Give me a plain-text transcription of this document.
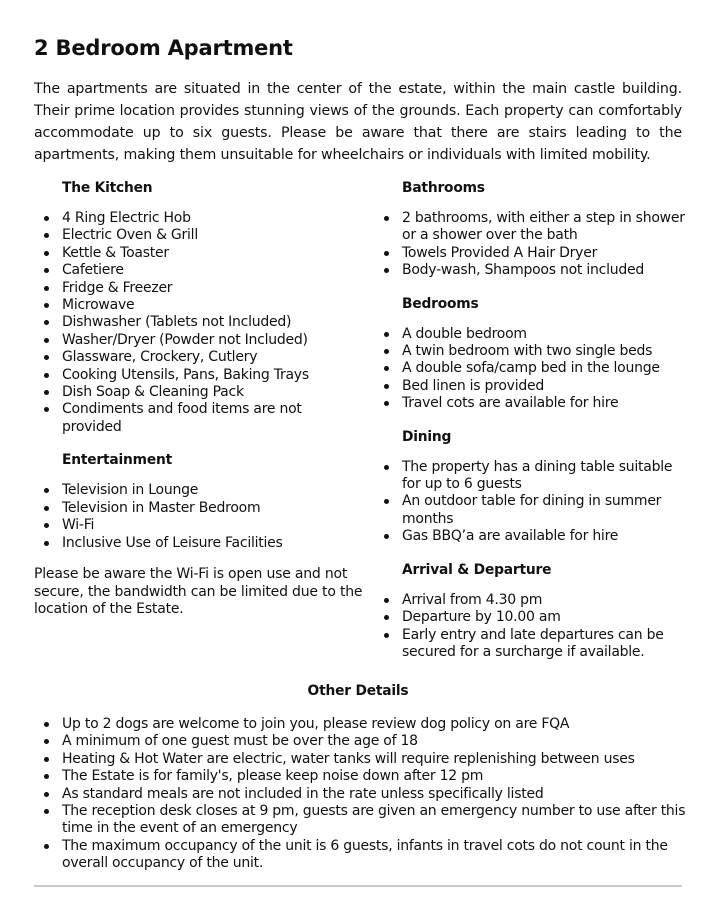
2 Bedroom Apartment

The apartments are situated in the center of the estate, within the main castle building. Their prime location provides stunning views of the grounds. Each property can comfortably accommodate up to six guests. Please be aware that there are stairs leading to the apartments, making them unsuitable for wheelchairs or individuals with limited mobility.

The Kitchen
4 Ring Electric Hob
Electric Oven & Grill
Kettle & Toaster
Cafetiere
Fridge & Freezer
Microwave
Dishwasher (Tablets not Included)
Washer/Dryer (Powder not Included)
Glassware, Crockery, Cutlery
Cooking Utensils, Pans, Baking Trays
Dish Soap & Cleaning Pack
Condiments and food items are not provided
Entertainment
Television in Lounge
Television in Master Bedroom
Wi-Fi
Inclusive Use of Leisure Facilities

Please be aware the Wi-Fi is open use and not secure, the bandwidth can be limited due to the location of the Estate.

Bathrooms
2 bathrooms, with either a step in shower or a shower over the bath
Towels Provided A Hair Dryer
Body-wash, Shampoos not included
Bedrooms
A double bedroom
A twin bedroom with two single beds
A double sofa/camp bed in the lounge
Bed linen is provided
Travel cots are available for hire
Dining
The property has a dining table suitable for up to 6 guests
An outdoor table for dining in summer months
Gas BBQ’a are available for hire
Arrival & Departure
Arrival from 4.30 pm
Departure by 10.00 am
Early entry and late departures can be secured for a surcharge if available.
Other Details
Up to 2 dogs are welcome to join you, please review dog policy on are FQA
A minimum of one guest must be over the age of 18
Heating & Hot Water are electric, water tanks will require replenishing between uses
The Estate is for family's, please keep noise down after 12 pm
As standard meals are not included in the rate unless specifically listed
The reception desk closes at 9 pm, guests are given an emergency number to use after this time in the event of an emergency
The maximum occupancy of the unit is 6 guests, infants in travel cots do not count in the overall occupancy of the unit.
